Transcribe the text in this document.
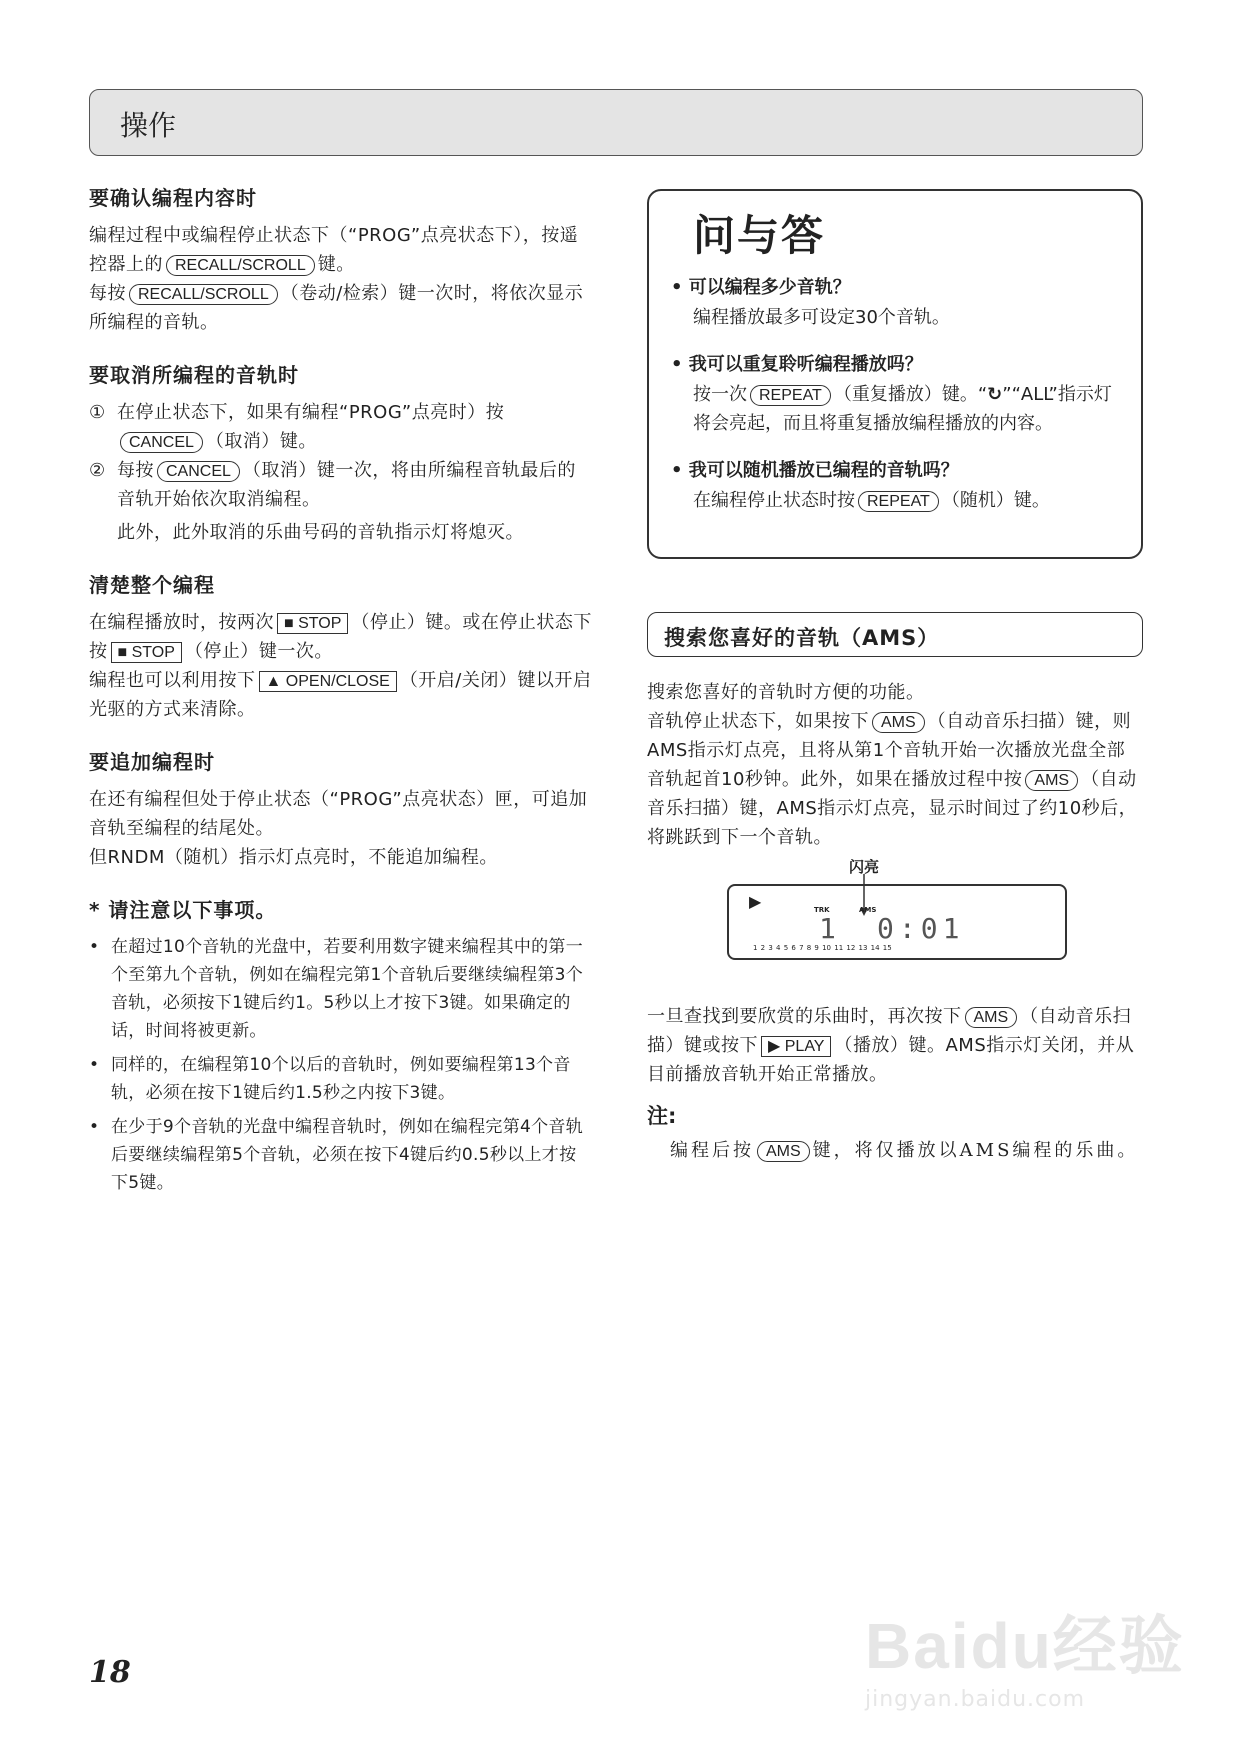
操作
要确认编程内容时

编程过程中或编程停止状态下（“PROG”点亮状态下），按遥控器上的 RECALL/SCROLL 键。

每按 RECALL/SCROLL （卷动/检索）键一次时，将依次显示所编程的音轨。

要取消所编程的音轨时
① 在停止状态下，如果有编程“PROG”点亮时）按CANCEL （取消）键。
② 每按 CANCEL （取消）键一次，将由所编程音轨最后的音轨开始依次取消编程。

此外，此外取消的乐曲号码的音轨指示灯将熄灭。

清楚整个编程

在编程播放时，按两次 ■ STOP （停止）键。或在停止状态下按 ■ STOP （停止）键一次。

编程也可以利用按下 ▲ OPEN/CLOSE （开启/关闭）键以开启光驱的方式来清除。

要追加编程时

在还有编程但处于停止状态（“PROG”点亮状态）匣，可追加音轨至编程的结尾处。

但RNDM（随机）指示灯点亮时，不能追加编程。

* 请注意以下事项。
• 在超过10个音轨的光盘中，若要利用数字键来编程其中的第一个至第九个音轨，例如在编程完第1个音轨后要继续编程第3个音轨，必须按下1键后约1。5秒以上才按下3键。如果确定的话，时间将被更新。
• 同样的，在编程第10个以后的音轨时，例如要编程第13个音轨，必须在按下1键后约1.5秒之内按下3键。
• 在少于9个音轨的光盘中编程音轨时，例如在编程完第4个音轨后要继续编程第5个音轨，必须在按下4键后约0.5秒以上才按下5键。
问与答
• 可以编程多少音轨？
编程播放最多可设定30个音轨。
• 我可以重复聆听编程播放吗？
按一次 REPEAT （重复播放）键。“↻”“ALL”指示灯将会亮起，而且将重复播放编程播放的内容。
• 我可以随机播放已编程的音轨吗？
在编程停止状态时按 REPEAT （随机）键。
搜索您喜好的音轨（AMS）

搜索您喜好的音轨时方便的功能。

音轨停止状态下，如果按下 AMS （自动音乐扫描）键，则AMS指示灯点亮，且将从第1个音轨开始一次播放光盘全部音轨起首10秒钟。此外，如果在播放过程中按 AMS （自动音乐扫描）键，AMS指示灯点亮，显示时间过了约10秒后，将跳跃到下一个音轨。

闪亮
▶	TRK	AMS
1 0:01
1 2 3 4 5 6 7 8 9 10 11 12 13 14 15

一旦查找到要欣赏的乐曲时，再次按下 AMS （自动音乐扫描）键或按下 ▶ PLAY （播放）键。AMS指示灯关闭，并从目前播放音轨开始正常播放。

注:
编程后按 AMS 键，将仅播放以AMS编程的乐曲。
18	Baidu经验
jingyan.baidu.com
